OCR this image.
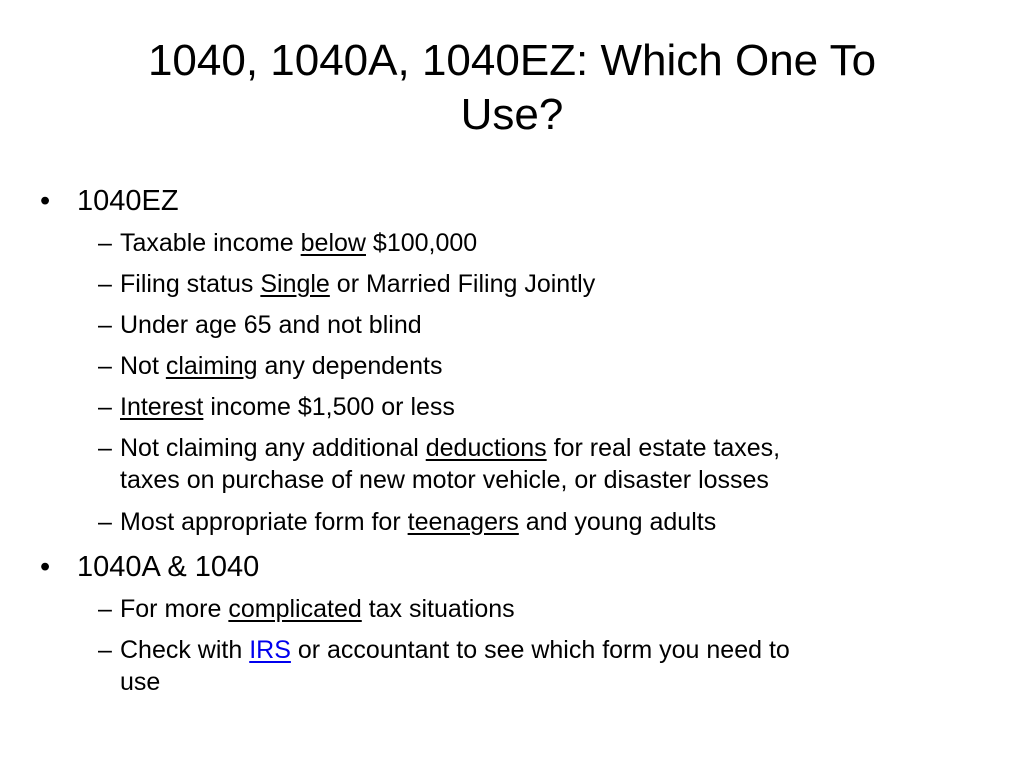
1040, 1040A, 1040EZ: Which One To
Use?
• 1040EZ
– Taxable income below $100,000
– Filing status Single or Married Filing Jointly
– Under age 65 and not blind
– Not claiming any dependents
– Interest income $1,500 or less
– Not claiming any additional deductions for real estate taxes,
taxes on purchase of new motor vehicle, or disaster losses
– Most appropriate form for teenagers and young adults
• 1040A & 1040
– For more complicated tax situations
– Check with IRS or accountant to see which form you need to
use
